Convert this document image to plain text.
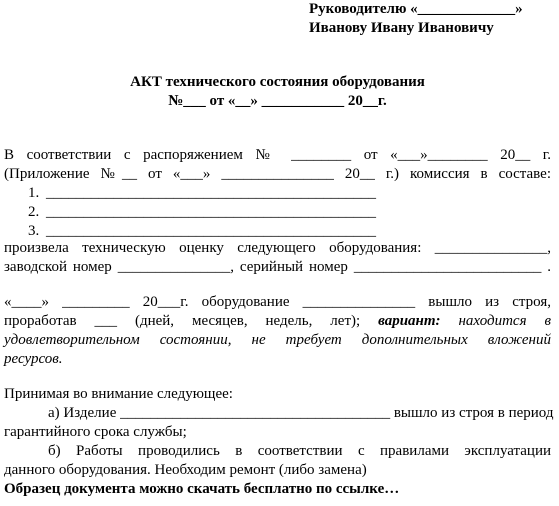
Руководителю «_____________»
Иванову Ивану Ивановичу
АКТ технического состояния оборудования
№___ от «__» ___________ 20__г.
В соответствии с распоряжением № ________ от «___»________ 20__ г.
(Приложение №__ от «___» _______________ 20__ г.) комиссия в составе:
1. ____________________________________________
2. ____________________________________________
3. ____________________________________________
произвела техническую оценку следующего оборудования: _______________,
заводской номер _______________, серийный номер _________________________ .
«____» _________ 20___г. оборудование _______________ вышло из строя,
проработав ___ (дней, месяцев, недель, лет); вариант: находится в
удовлетворительном состоянии, не требует дополнительных вложений
ресурсов.
Принимая во внимание следующее:
а) Изделие ____________________________________ вышло из строя в период
гарантийного срока службы;
б) Работы проводились в соответствии с правилами эксплуатации
данного оборудования. Необходим ремонт (либо замена)
Образец документа можно скачать бесплатно по ссылке…
